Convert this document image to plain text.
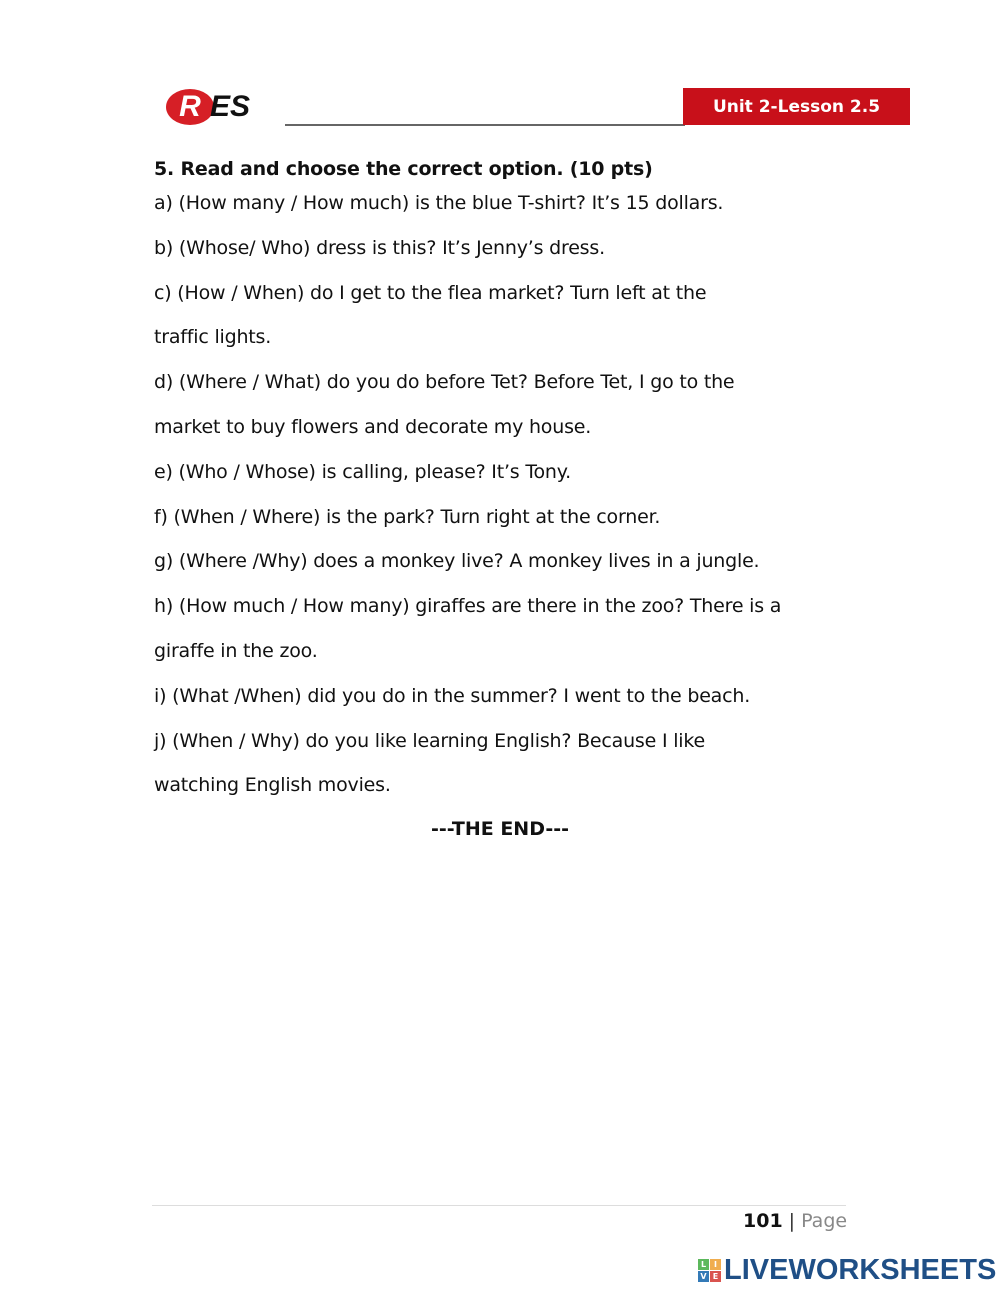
R ES	Unit 2-Lesson 2.5
5. Read and choose the correct option. (10 pts)
a) (How many / How much) is the blue T-shirt? It’s 15 dollars.
b) (Whose/ Who) dress is this? It’s Jenny’s dress.
c) (How / When) do I get to the flea market? Turn left at the
traffic lights.
d) (Where / What) do you do before Tet? Before Tet, I go to the
market to buy flowers and decorate my house.
e) (Who / Whose) is calling, please? It’s Tony.
f) (When / Where) is the park? Turn right at the corner.
g) (Where /Why) does a monkey live? A monkey lives in a jungle.
h) (How much / How many) giraffes are there in the zoo? There is a
giraffe in the zoo.
i) (What /When) did you do in the summer? I went to the beach.
j) (When / Why) do you like learning English? Because I like
watching English movies.
---THE END---
101 | Page
L I
V E LIVEWORKSHEETS
